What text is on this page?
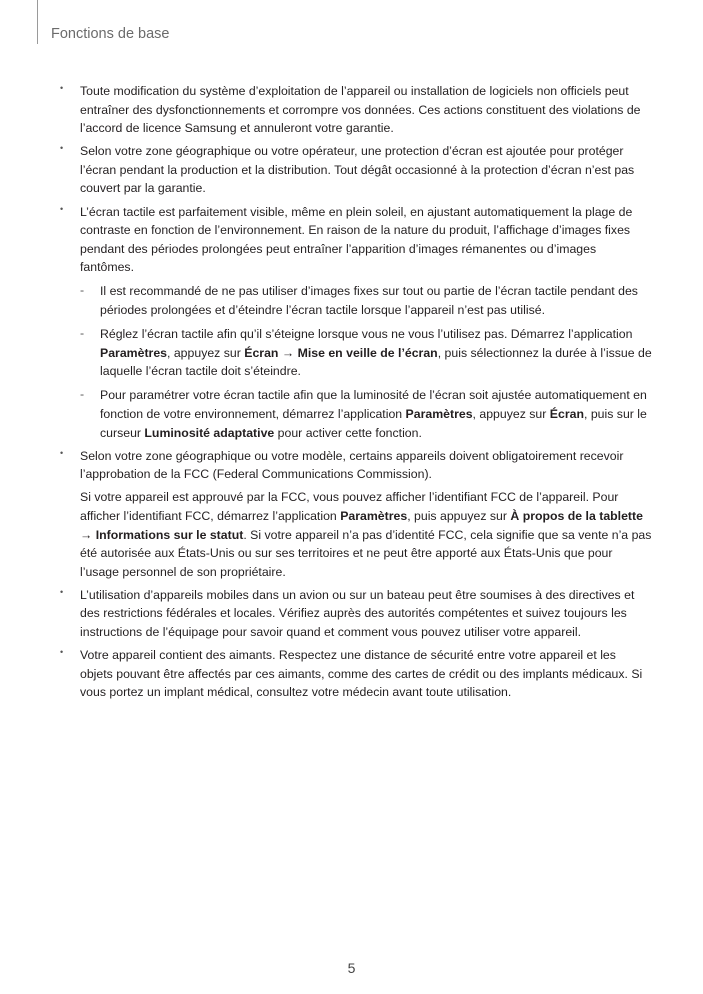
Fonctions de base
• Toute modification du système d’exploitation de l’appareil ou installation de logiciels non officiels peut entraîner des dysfonctionnements et corrompre vos données. Ces actions constituent des violations de l’accord de licence Samsung et annuleront votre garantie.

• Selon votre zone géographique ou votre opérateur, une protection d’écran est ajoutée pour protéger l’écran pendant la production et la distribution. Tout dégât occasionné à la protection d’écran n’est pas couvert par la garantie.

• L’écran tactile est parfaitement visible, même en plein soleil, en ajustant automatiquement la plage de contraste en fonction de l’environnement. En raison de la nature du produit, l’affichage d’images fixes pendant des périodes prolongées peut entraîner l’apparition d’images rémanentes ou d’images fantômes.

- Il est recommandé de ne pas utiliser d’images fixes sur tout ou partie de l’écran tactile pendant des périodes prolongées et d’éteindre l’écran tactile lorsque l’appareil n’est pas utilisé.

- Réglez l’écran tactile afin qu’il s’éteigne lorsque vous ne vous l’utilisez pas. Démarrez l’application Paramètres, appuyez sur Écran → Mise en veille de l’écran, puis sélectionnez la durée à l’issue de laquelle l’écran tactile doit s’éteindre.

- Pour paramétrer votre écran tactile afin que la luminosité de l’écran soit ajustée automatiquement en fonction de votre environnement, démarrez l’application Paramètres, appuyez sur Écran, puis sur le curseur Luminosité adaptative pour activer cette fonction.

• Selon votre zone géographique ou votre modèle, certains appareils doivent obligatoirement recevoir l’approbation de la FCC (Federal Communications Commission).

Si votre appareil est approuvé par la FCC, vous pouvez afficher l’identifiant FCC de l’appareil. Pour afficher l’identifiant FCC, démarrez l’application Paramètres, puis appuyez sur À propos de la tablette
→ Informations sur le statut. Si votre appareil n’a pas d’identité FCC, cela signifie que sa vente n’a pas été autorisée aux États-Unis ou sur ses territoires et ne peut être apporté aux États-Unis que pour l’usage personnel de son propriétaire.

• L’utilisation d’appareils mobiles dans un avion ou sur un bateau peut être soumises à des directives et des restrictions fédérales et locales. Vérifiez auprès des autorités compétentes et suivez toujours les instructions de l’équipage pour savoir quand et comment vous pouvez utiliser votre appareil.

• Votre appareil contient des aimants. Respectez une distance de sécurité entre votre appareil et les objets pouvant être affectés par ces aimants, comme des cartes de crédit ou des implants médicaux. Si vous portez un implant médical, consultez votre médecin avant toute utilisation.

5
